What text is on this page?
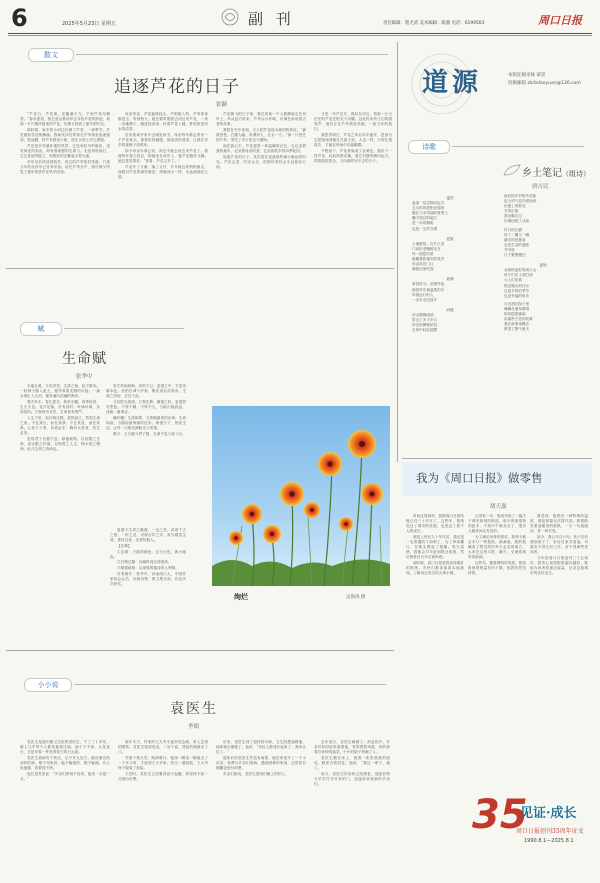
6	2025年5月23日 星期五	副 刊	责任编辑：程尤武 美术编辑：陈强 电话：6199503	周口日报
散文
追逐芦花的日子
张颖

“芦花白，芦花黄，花絮满天飞，千里芦荡尽飘香。”春末夏初，我总爱沿着河岸去寻找芦花的踪迹，看那一片片随风摇曳的芦花，仿佛又回到了童年的时光。

那时候，家乡的小河边长满了芦苇，一到季节，芦花便如雪花般飘落。我和伙伴们常常在芦苇荡里追逐嬉戏，捉迷藏，折芦苇做成小船，放在水面上任它漂流。

芦花是乡村最朴素的风景，它没有牡丹的雍容，没有荷花的高洁，却有着顽强的生命力。无论风吹雨打，它总是迎风挺立，用柔软的花絮装点着大地。

多年以后再回到故乡，河边的芦苇依旧茂盛，只是当年的伙伴早已各奔东西。站在芦苇丛中，我仿佛又听见了童年的笑声在风中回荡。

母亲常说，芦花能做枕头，芦根能入药，芦苇浑身都是宝。每到秋天，她总要带着我去河边采芦花，一朵一朵地晒干，缝进枕套里。枕着芦花入睡，梦里都是河水的清香。

后来我离开家乡去城里读书，母亲每年都会寄来一个芦花枕头。那柔软的触感，那淡淡的清香，让我在异乡的夜晚不再孤单。

如今母亲年事已高，再也不能去河边采芦花了。我便每年春天回去，陪她坐在河岸上，看芦花随风飞舞。她总是笑着说：“你看，芦花又开了。”

芦花开了又落，落了又开，岁月就这样悄悄流走。而我对芦花的那份眷恋，却像河水一样，永远流淌在心底。

芦花飘飞的日子里，我总喜欢一个人静静地走在河岸上。风从远方吹来，芦苇沙沙作响，仿佛在诉说着古老的故事。

我曾在书中读到，古人把芦花视为离别的象征。“蒹葭苍苍，白露为霜。所谓伊人，在水一方。”那一片苍茫的芦苇，寄托了多少思念与期盼。

而在我心中，芦花更是一种温暖的记忆。它记录着我的童年，记录着母亲的爱，记录着故乡的四季轮回。

追逐芦花的日子，其实是在追逐那些渐行渐远的时光。芦花会老，时光会走，但那份美好会永远留存心间。

又是一年芦花开，我站在河边，看那一片白茫茫的芦花在阳光下闪耀。远处传来孩子们的嬉笑声，他们正在芦苇荡里奔跑，一如当年的我们。

我忽然明白，芦花之所以年年盛开，是因为它把根深深地扎在泥土里。人也一样，只有扎根故乡，才能在风雨中站稳脚跟。

夕阳西下，芦花被染成了金黄色。我折下一枝芦花，轻轻吹散花絮，看它们随风飘向远方，带着我的思念，飞向那些回不去的日子。

道源	本版征稿审核 蒙雷
投稿邮箱 zkrbdaoyuan@126.com
诗歌
乡土笔记（组诗）
唐吉民
麦田
麦浪一层层推向远方
五月的风把阳光揉碎
撒在父亲弯曲的脊背上
镰刀划过的地方
是一年的期盼
也是一生的守望
老屋
土墙斑驳，瓦片已旧
门前的老槐树还在
每一道裂纹里
都藏着我童年的笑声
母亲站在门口
喊我回家吃饭
炊烟
黄昏时分，炊烟升起
那是村庄最温柔的手
牵着远行的人
一步步走回故乡
河流
河水静静流淌
带走了多少岁月
岸边的柳树依旧
在风中轻轻摇摆
雨后的乡村格外清新
泥土的气息扑面而来
田埂上的野花
开得正艳
我赤脚走过
仿佛回到了从前
村口的石磨
转了一圈又一圈
磨出的是粮食
也是生活的滋味
爷爷说
日子要慢慢过
麦场
金黄的麦粒堆成小山
孩子们在上面打滚
大人们笑着
擦去额头的汗水
这是丰收的季节
也是幸福的时光
月光洒在院子里
蛐蛐在墙角歌唱
奶奶摇着蒲扇
讲那些古老的故事
我在故事里睡去
梦见了整个夏天
赋
生命赋
张华中

天地玄黄，宇宙洪荒。生命之始，起于微末。一粒种子落入泥土，便孕育着无限的可能；一滴水珠汇入江河，便奔涌向浩瀚的海洋。

观夫草木，春生夏长，秋收冬藏，四季轮回，生生不息。花开花落，自有其时；叶绿叶黄，各得其所。万物皆有灵性，生命皆有尊严。

人生于世，如白驹过隙，忽然而已。然则生命之贵，不在其长，而在其厚；不在其显，而在其真。心怀天下者，其命必宏；胸有大爱者，其生必美。

是故君子自强不息，厚德载物。以有限之生命，创无限之价值；以短暂之人生，铸永恒之精神。此乃生命之真谛也。

若夫风雨如晦，鸡鸣不已；逆境之中，方显英雄本色。松柏后凋于岁寒，梅花香自苦寒来。生命之坚韧，正在于此。

又若阳光普照，万物生辉；顺境之时，更需居安思危。不骄不躁，不卑不亢，方能行稳致远，成就一番事业。

噫吁嚱！生命如歌，当奏响最美的乐章；生命如画，当描绘最绚丽的色彩。珍惜当下，热爱生活，让每一天都充满阳光与希望。

歌曰：天行健兮君子强，生命不息兮奋斗长。

复感于生命之脆弱，一念之差，或成千古之恨；一时之忍，可保百年之安。故当敬畏生命，善待自身，亦善待他人。

【注释】

①玄黄：天地的颜色，玄为天色，黄为地色。

②白驹过隙：比喻时间过得很快。

③厚德载物：以深厚的德泽育人利物。

作者简介：张华中，河南周口人，中国作家协会会员，出版诗集、散文集多部，作品多次获奖。

绚烂	吴海涛 摄
我为《周口日报》做零售
胡天嘉

时间过得真快，我跟周口日报结缘已经三十多年了。这些年，报纸见证了城市的发展，也见证了我个人的成长。

那是上世纪九十年代初，我还是一名普通的下岗职工，为了养家糊口，在街头摆起了报摊。每天清晨，我都会早早赶到报社取报，然后骑着自行车走街串巷。

那时候，周口日报是我卖得最好的报纸。市民们都喜欢看本地新闻，了解身边发生的大事小情。

记得有一年，报纸刊登了一篇关于城市规划的报道，那天的报纸特别抢手，不到中午就卖完了，很多人跑来问还有没有。

为了满足读者的需求，我每天都会多订一些报纸。渐渐地，我的报摊成了附近居民每天必去的地方，大家在这里买报、聊天，交流着城市的新闻。

这些年，随着网络的发展，纸质报纸的销量有所下降，但我依然坚持着。

我觉得，报纸有一种特殊的温度，那是屏幕无法替代的。捧着散发着油墨香的报纸，一字一句地阅读，是一种享受。

如今，我已年过六旬，孩子们劝我别再干了，好好在家享清福。可我舍不得这份工作，舍不得那些老读者。

今年是周口日报创刊三十五周年，我衷心祝愿报纸越办越好，继续为读者传递正能量，记录这座城市的美好变迁。

35
见证·成长
周口日报创刊35周年征文
1990.8.1—2025.8.1
小小说
袁医生
李娟

袁医生是我们镇卫生院的老医生，干了三十多年，镇上几乎每个人都找他看过病。他个子不高，头发花白，总是穿着一件洗得发白的白大褂。

袁医生看病有个特点，从不开大处方。能用便宜药治好的病，绝不用贵药；能不输液的，绝不输液。有人说他傻，放着钱不挣。

他总是笑笑说：“乡亲们挣钱不容易，能省一点是一点。”

那年冬天，村里的王大爷半夜突发急病，家人急得团团转。袁医生接到电话，二话不说，背起药箱就出了门。

外面下着大雪，路滑难行。他深一脚浅一脚地走了一个多小时，才赶到王大爷家。经过一番抢救，王大爷终于脱离了危险。

天亮时，袁医生已经累得直不起腰，却坚持不收一分钱出诊费。

后来，袁医生到了退休的年龄，卫生院想返聘他，他却婉言谢绝了。他说：“年轻人都成长起来了，我该让位了。”

退休后的袁医生并没有闲着，他在家里开了一个小诊室，免费为乡亲们看病，遇到困难的家庭，还常常自掏腰包垫付药费。

乡亲们都说，袁医生是咱们镇上的好人。

去年春天，袁医生病倒了。消息传开，乡亲们纷纷赶来看望他，有的提着鸡蛋，有的拿着自家种的蔬菜，小小的院子挤满了人。

袁医生躺在床上，看着一张张熟悉的面孔，眼里含着泪花。他说：“我这一辈子，值了。”

如今，袁医生的身体已经康复，他依旧每天早早打开诊室的门，迎接前来看病的乡亲们。
